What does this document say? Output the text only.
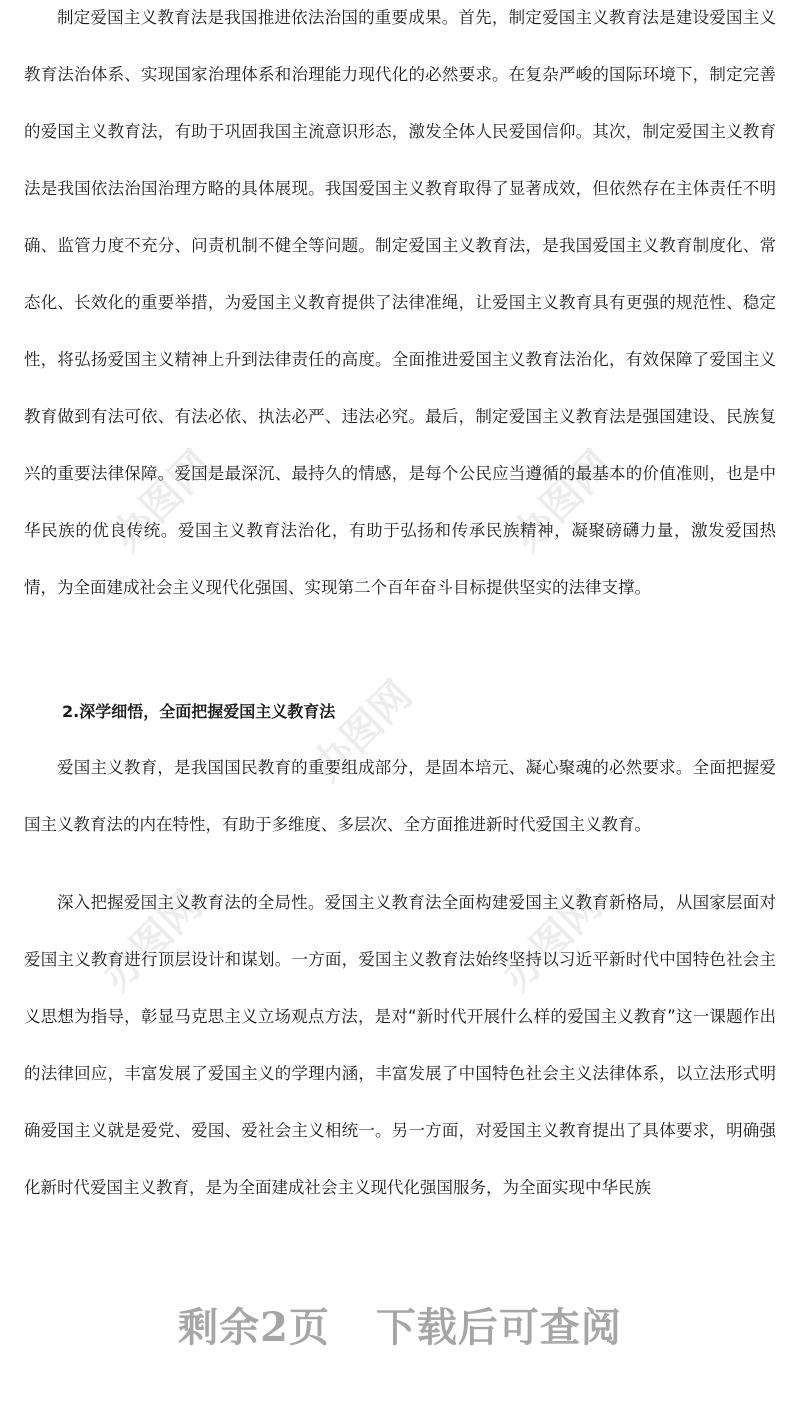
办图网	办图网
办图网
办图网	办图网

制定爱国主义教育法是我国推进依法治国的重要成果。首先，制定爱国主义教育法是建设爱国主义教育法治体系、实现国家治理体系和治理能力现代化的必然要求。在复杂严峻的国际环境下，制定完善的爱国主义教育法，有助于巩固我国主流意识形态，激发全体人民爱国信仰。其次，制定爱国主义教育法是我国依法治国治理方略的具体展现。我国爱国主义教育取得了显著成效，但依然存在主体责任不明确、监管力度不充分、问责机制不健全等问题。制定爱国主义教育法，是我国爱国主义教育制度化、常态化、长效化的重要举措，为爱国主义教育提供了法律准绳，让爱国主义教育具有更强的规范性、稳定性，将弘扬爱国主义精神上升到法律责任的高度。全面推进爱国主义教育法治化，有效保障了爱国主义教育做到有法可依、有法必依、执法必严、违法必究。最后，制定爱国主义教育法是强国建设、民族复兴的重要法律保障。爱国是最深沉、最持久的情感，是每个公民应当遵循的最基本的价值准则，也是中华民族的优良传统。爱国主义教育法治化，有助于弘扬和传承民族精神，凝聚磅礴力量，激发爱国热情，为全面建成社会主义现代化强国、实现第二个百年奋斗目标提供坚实的法律支撑。

2.深学细悟，全面把握爱国主义教育法

爱国主义教育，是我国国民教育的重要组成部分，是固本培元、凝心聚魂的必然要求。全面把握爱国主义教育法的内在特性，有助于多维度、多层次、全方面推进新时代爱国主义教育。

深入把握爱国主义教育法的全局性。爱国主义教育法全面构建爱国主义教育新格局，从国家层面对爱国主义教育进行顶层设计和谋划。一方面，爱国主义教育法始终坚持以习近平新时代中国特色社会主义思想为指导，彰显马克思主义立场观点方法，是对“新时代开展什么样的爱国主义教育”这一课题作出的法律回应，丰富发展了爱国主义的学理内涵，丰富发展了中国特色社会主义法律体系，以立法形式明确爱国主义就是爱党、爱国、爱社会主义相统一。另一方面，对爱国主义教育提出了具体要求，明确强化新时代爱国主义教育，是为全面建成社会主义现代化强国服务，为全面实现中华民族

剩余2页 下载后可查阅
